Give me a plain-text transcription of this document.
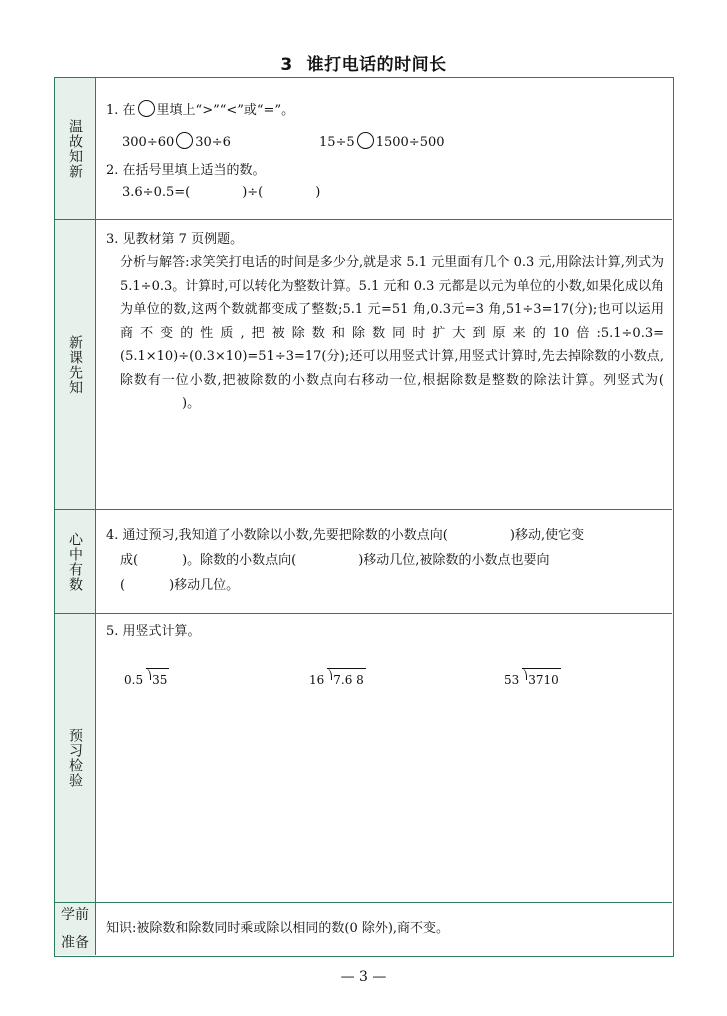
3 谁打电话的时间长
温故知新
1. 在 里填上“>”“<”或“=”。
300÷60 30÷6	15÷5 1500÷500
2. 在括号里填上适当的数。
3.6÷0.5=(	)÷(	)
新课先知
3. 见教材第 7 页例题。
分析与解答:求笑笑打电话的时间是多少分,就是求 5.1 元里面有几个 0.3 元,用除法计算,列式为5.1÷0.3。计算时,可以转化为整数计算。5.1 元和 0.3 元都是以元为单位的小数,如果化成以角为单位的数,这两个数就都变成了整数;5.1 元=51 角,0.3元=3 角,51÷3=17(分);也可以运用商不变的性质,把被除数和除数同时扩大到原来的10倍:5.1÷0.3=(5.1×10)÷(0.3×10)=51÷3=17(分);还可以用竖式计算,用竖式计算时,先去掉除数的小数点,除数有一位小数,把被除数的小数点向右移动一位,根据除数是整数的除法计算。列竖式为()。
心中有数 4. 通过预习,我知道了小数除以小数,先要把除数的小数点向(	)移动,使它变
成(	)。除数的小数点向(	)移动几位,被除数的小数点也要向
(	)移动几位。
预习检验
5. 用竖式计算。
0.5 35	16 7.6 8	53 3710
学前准备
知识:被除数和除数同时乘或除以相同的数(0 除外),商不变。
— 3 —
